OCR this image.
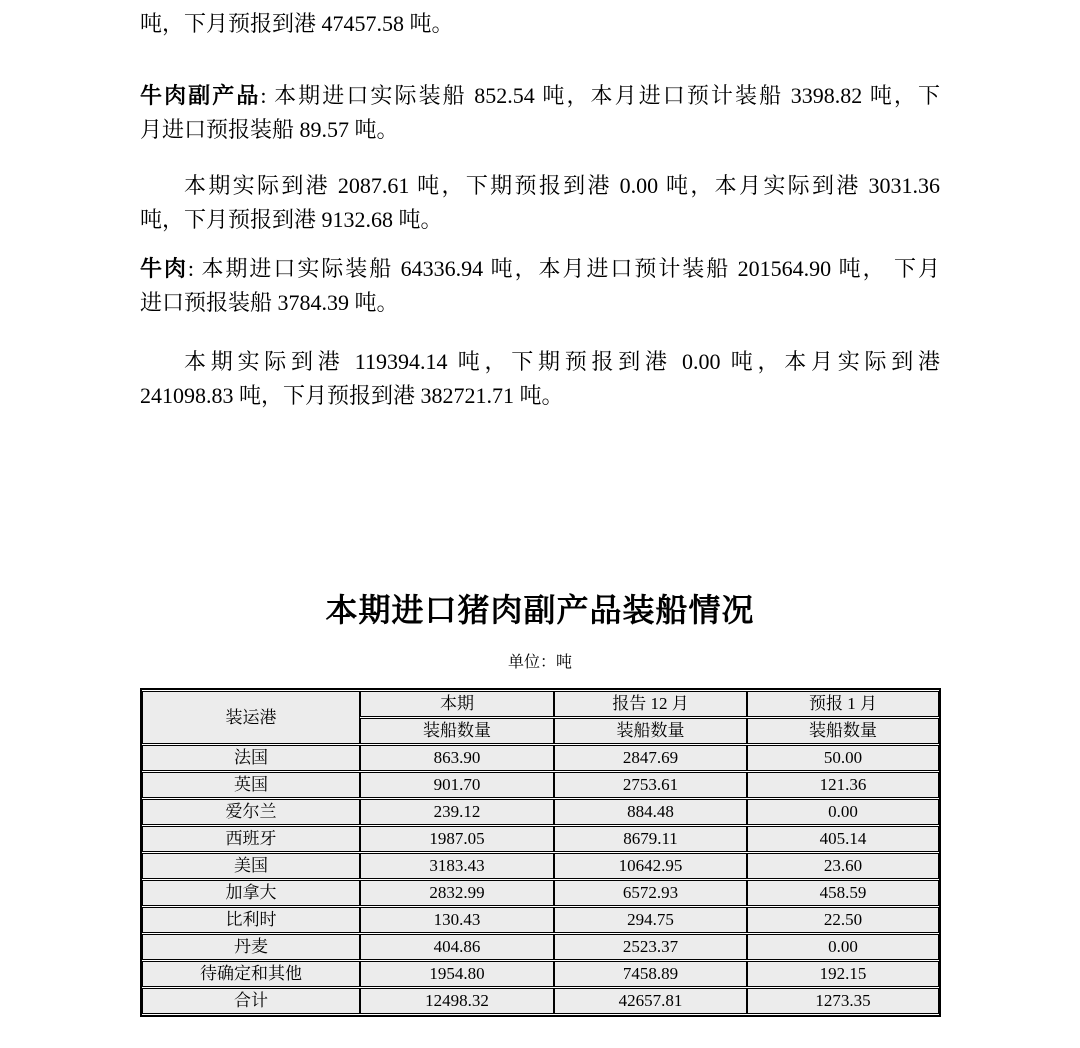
吨，下月预报到港 47457.58 吨。
牛肉副产品: 本期进口实际装船 852.54 吨，本月进口预计装船 3398.82 吨，下
月进口预报装船 89.57 吨。
本期实际到港 2087.61 吨，下期预报到港 0.00 吨，本月实际到港 3031.36
吨，下月预报到港 9132.68 吨。
牛肉: 本期进口实际装船 64336.94 吨，本月进口预计装船 201564.90 吨， 下月
进口预报装船 3784.39 吨。
本期实际到港 119394.14 吨，下期预报到港 0.00 吨，本月实际到港
241098.83 吨，下月预报到港 382721.71 吨。
本期进口猪肉副产品装船情况
单位：吨
装运港	本期	报告 12 月	预报 1 月
	装船数量	装船数量	装船数量
法国	863.90	2847.69	50.00
英国	901.70	2753.61	121.36
爱尔兰	239.12	884.48	0.00
西班牙	1987.05	8679.11	405.14
美国	3183.43	10642.95	23.60
加拿大	2832.99	6572.93	458.59
比利时	130.43	294.75	22.50
丹麦	404.86	2523.37	0.00
待确定和其他	1954.80	7458.89	192.15
合计	12498.32	42657.81	1273.35
